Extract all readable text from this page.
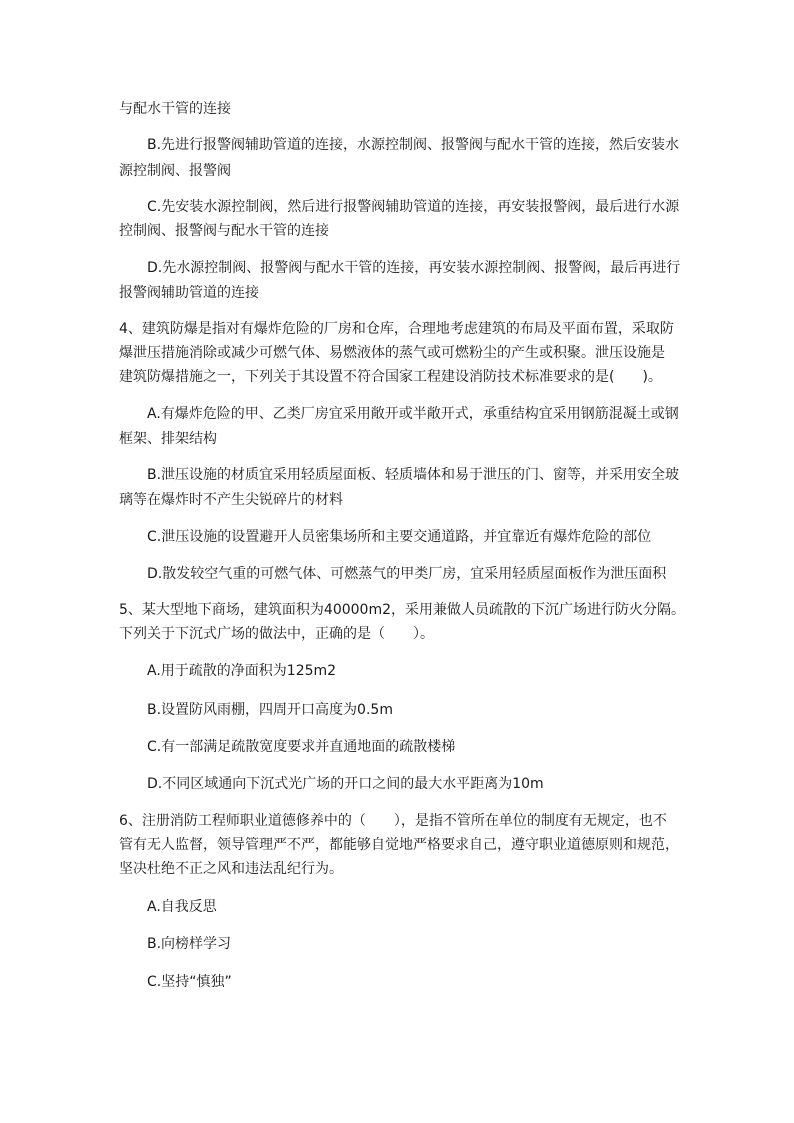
与配水干管的连接
B.先进行报警阀辅助管道的连接，水源控制阀、报警阀与配水干管的连接，然后安装水
源控制阀、报警阀
C.先安装水源控制阀，然后进行报警阀辅助管道的连接，再安装报警阀，最后进行水源
控制阀、报警阀与配水干管的连接
D.先水源控制阀、报警阀与配水干管的连接，再安装水源控制阀、报警阀，最后再进行
报警阀辅助管道的连接
4、建筑防爆是指对有爆炸危险的厂房和仓库，合理地考虑建筑的布局及平面布置，采取防
爆泄压措施消除或减少可燃气体、易燃液体的蒸气或可燃粉尘的产生或积聚。泄压设施是
建筑防爆措施之一，下列关于其设置不符合国家工程建设消防技术标准要求的是(　　)。
A.有爆炸危险的甲、乙类厂房宜采用敞开或半敞开式，承重结构宜采用钢筋混凝土或钢
框架、排架结构
B.泄压设施的材质宜采用轻质屋面板、轻质墙体和易于泄压的门、窗等，并采用安全玻
璃等在爆炸时不产生尖锐碎片的材料
C.泄压设施的设置避开人员密集场所和主要交通道路，并宜靠近有爆炸危险的部位
D.散发较空气重的可燃气体、可燃蒸气的甲类厂房，宜采用轻质屋面板作为泄压面积
5、某大型地下商场，建筑面积为40000m2，采用兼做人员疏散的下沉广场进行防火分隔。
下列关于下沉式广场的做法中，正确的是（　　）。
A.用于疏散的净面积为125m2
B.设置防风雨棚，四周开口高度为0.5m
C.有一部满足疏散宽度要求并直通地面的疏散楼梯
D.不同区域通向下沉式光广场的开口之间的最大水平距离为10m
6、注册消防工程师职业道德修养中的（　　），是指不管所在单位的制度有无规定，也不
管有无人监督，领导管理严不严，都能够自觉地严格要求自己，遵守职业道德原则和规范，
坚决杜绝不正之风和违法乱纪行为。
A.自我反思
B.向榜样学习
C.坚持“慎独”
